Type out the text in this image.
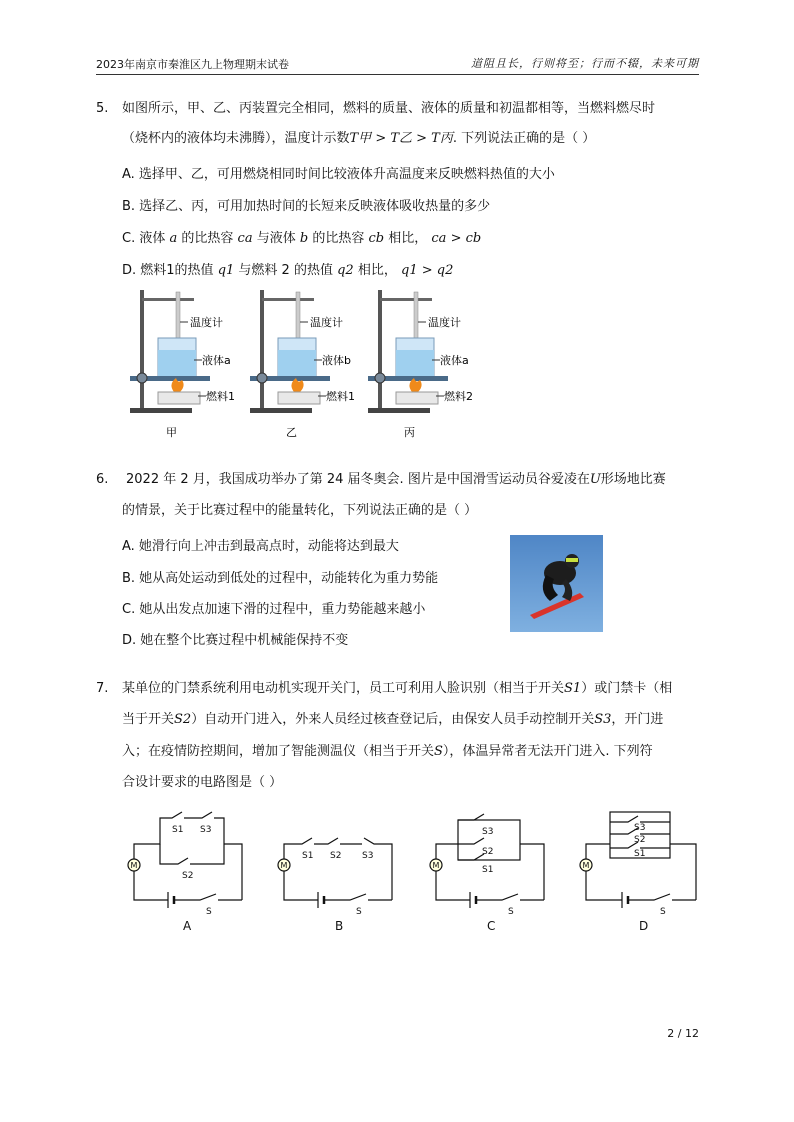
2023年南京市秦淮区九上物理期末试卷	道阻且长，行则将至；行而不辍，未来可期
5. 如图所示，甲、乙、丙装置完全相同，燃料的质量、液体的质量和初温都相等，当燃料燃尽时
（烧杯内的液体均未沸腾），温度计示数T甲 > T乙 > T丙. 下列说法正确的是（ ）
A. 选择甲、乙，可用燃烧相同时间比较液体升高温度来反映燃料热值的大小
B. 选择乙、丙，可用加热时间的长短来反映液体吸收热量的多少
C. 液体 a 的比热容 ca 与液体 b 的比热容 cb 相比， ca > cb
D. 燃料1的热值 q1 与燃料 2 的热值 q2 相比， q1 > q2
温度计
液体a
燃料1
甲
温度计
液体b
燃料1
乙
温度计
液体a
燃料2
丙
6. 2022 年 2 月，我国成功举办了第 24 届冬奥会. 图片是中国滑雪运动员谷爱凌在U形场地比赛
的情景，关于比赛过程中的能量转化，下列说法正确的是（ ）
A. 她滑行向上冲击到最高点时，动能将达到最大
B. 她从高处运动到低处的过程中，动能转化为重力势能
C. 她从出发点加速下滑的过程中，重力势能越来越小
D. 她在整个比赛过程中机械能保持不变
7. 某单位的门禁系统利用电动机实现开关门，员工可利用人脸识别（相当于开关S1）或门禁卡（相
当于开关S2）自动开门进入，外来人员经过核查登记后，由保安人员手动控制开关S3，开门进
入；在疫情防控期间，增加了智能测温仪（相当于开关S），体温异常者无法开门进入. 下列符
合设计要求的电路图是（ ）
M
S1 S3
S2
S
A
M
S1 S2 S3
S
B
M
S3
S2
S1
S
C
M
S3
S2
S1
S
D
2 / 12
